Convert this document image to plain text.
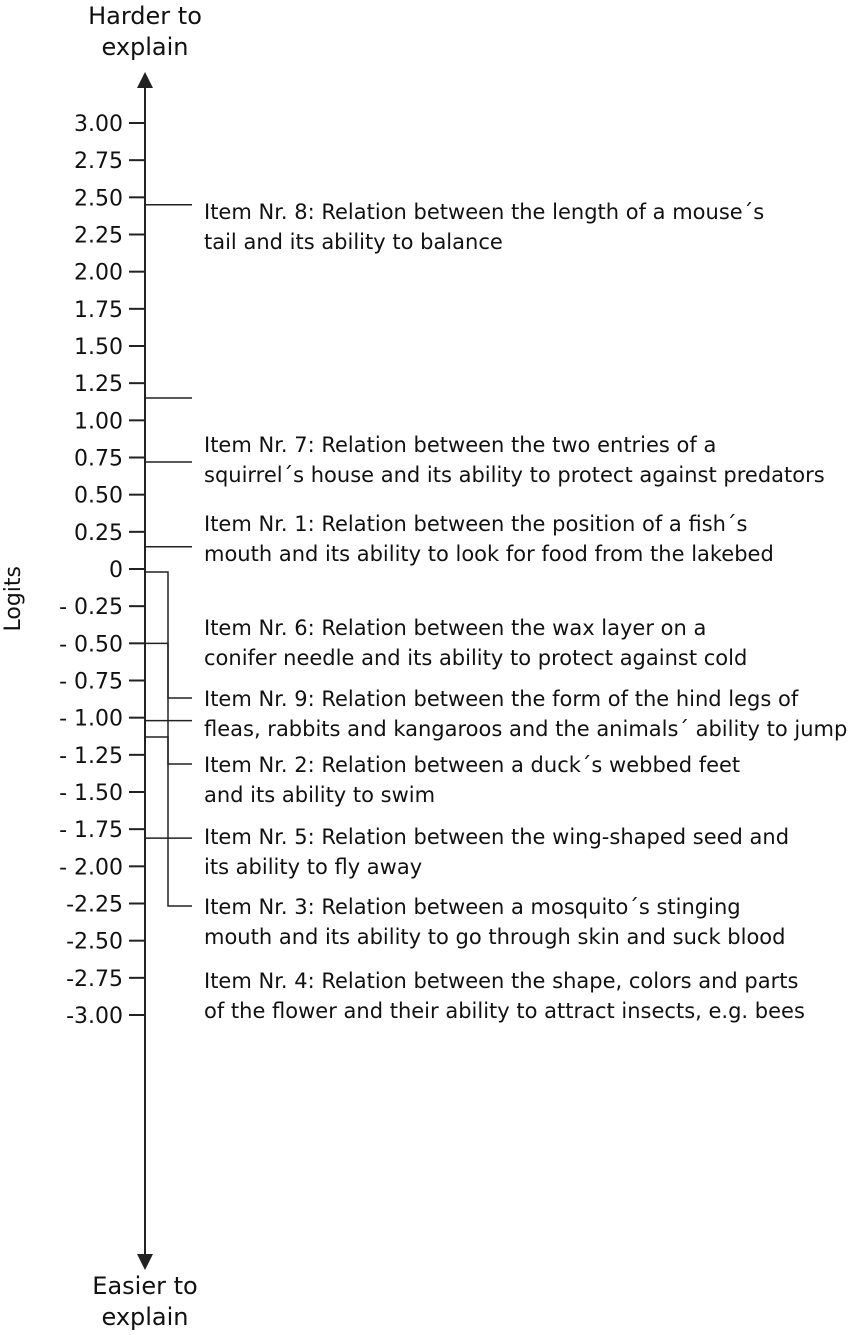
Harder to
explain
Easier to
explain
Logits
3.00
2.75
2.50
2.25
2.00
1.75
1.50
1.25
1.00
0.75
0.50
0.25
0
- 0.25
- 0.50
- 0.75
- 1.00
- 1.25
- 1.50
- 1.75
- 2.00
-2.25
-2.50
-2.75
-3.00
Item Nr. 8: Relation between the length of a mouse´s
tail and its ability to balance
Item Nr. 7: Relation between the two entries of a
squirrel´s house and its ability to protect against predators
Item Nr. 1: Relation between the position of a fish´s
mouth and its ability to look for food from the lakebed
Item Nr. 6: Relation between the wax layer on a
conifer needle and its ability to protect against cold
Item Nr. 9: Relation between the form of the hind legs of
fleas, rabbits and kangaroos and the animals´ ability to jump
Item Nr. 2: Relation between a duck´s webbed feet
and its ability to swim
Item Nr. 5: Relation between the wing-shaped seed and
its ability to fly away
Item Nr. 3: Relation between a mosquito´s stinging
mouth and its ability to go through skin and suck blood
Item Nr. 4: Relation between the shape, colors and parts
of the flower and their ability to attract insects, e.g. bees
